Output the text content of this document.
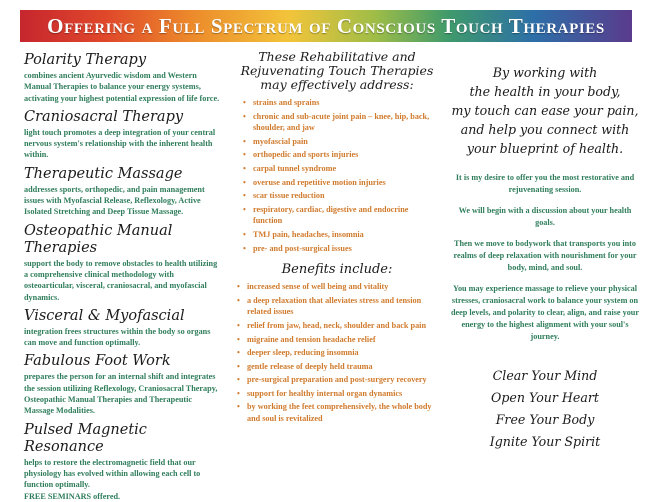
Offering a Full Spectrum of Conscious Touch Therapies
Polarity Therapy
combines ancient Ayurvedic wisdom and Western Manual Therapies to balance your energy systems, activating your highest potential expression of life force.
Craniosacral Therapy
light touch promotes a deep integration of your central nervous system's relationship with the inherent health within.
Therapeutic Massage
addresses sports, orthopedic, and pain management issues with Myofascial Release, Reflexology, Active Isolated Stretching and Deep Tissue Massage.
Osteopathic Manual Therapies
support the body to remove obstacles to health utilizing a comprehensive clinical methodology with osteoarticular, visceral, craniosacral, and myofascial dynamics.
Visceral & Myofascial
integration frees structures within the body so organs can move and function optimally.
Fabulous Foot Work
prepares the person for an internal shift and integrates the session utilizing Reflexology, Craniosacral Therapy, Osteopathic Manual Therapies and Therapeutic Massage Modalities.
Pulsed Magnetic Resonance
helps to restore the electromagnetic field that our physiology has evolved within allowing each cell to function optimally.
FREE SEMINARS offered.
These Rehabilitative and
Rejuvenating Touch Therapies
may effectively address:
• strains and sprains
• chronic and sub-acute joint pain – knee, hip, back, shoulder, and jaw
• myofascial pain
• orthopedic and sports injuries
• carpal tunnel syndrome
• overuse and repetitive motion injuries
• scar tissue reduction
• respiratory, cardiac, digestive and endocrine function
• TMJ pain, headaches, insomnia
• pre- and post-surgical issues
Benefits include:
• increased sense of well being and vitality
• a deep relaxation that alleviates stress and tension related issues
• relief from jaw, head, neck, shoulder and back pain
• migraine and tension headache relief
• deeper sleep, reducing insomnia
• gentle release of deeply held trauma
• pre-surgical preparation and post-surgery recovery
• support for healthy internal organ dynamics
• by working the feet comprehensively, the whole body and soul is revitalized
By working with
the health in your body,
my touch can ease your pain,
and help you connect with
your blueprint of health.

It is my desire to offer you the most restorative and rejuvenating session.

We will begin with a discussion about your health goals.

Then we move to bodywork that transports you into realms of deep relaxation with nourishment for your body, mind, and soul.

You may experience massage to relieve your physical stresses, craniosacral work to balance your system on deep levels, and polarity to clear, align, and raise your energy to the highest alignment with your soul's journey.

Clear Your Mind
Open Your Heart
Free Your Body
Ignite Your Spirit
